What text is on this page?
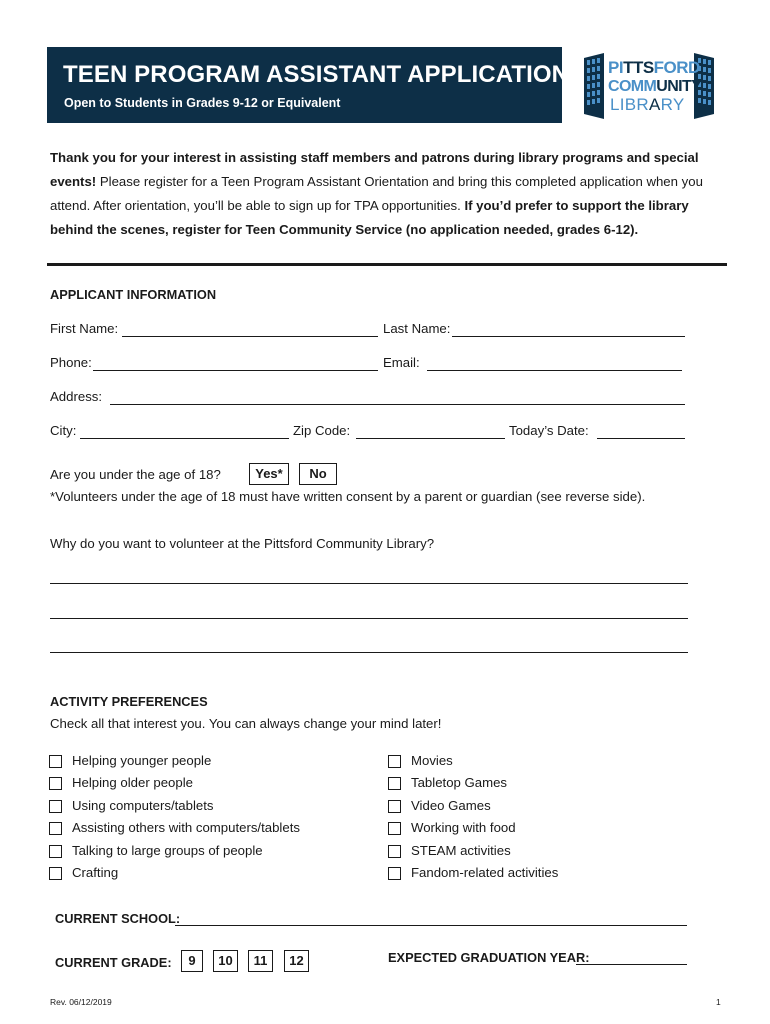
TEEN PROGRAM ASSISTANT APPLICATION
Open to Students in Grades 9-12 or Equivalent
PITTSFORD
COMMUNITY
LIBRARY
Thank you for your interest in assisting staff members and patrons during library programs and special events! Please register for a Teen Program Assistant Orientation and bring this completed application when you attend. After orientation, you’ll be able to sign up for TPA opportunities. If you’d prefer to support the library behind the scenes, register for Teen Community Service (no application needed, grades 6-12).
APPLICANT INFORMATION
First Name:	Last Name:
Phone:	Email:
Address:
City:	Zip Code:	Today’s Date:
Are you under the age of 18?	Yes*	No
*Volunteers under the age of 18 must have written consent by a parent or guardian (see reverse side).
Why do you want to volunteer at the Pittsford Community Library?
ACTIVITY PREFERENCES
Check all that interest you. You can always change your mind later!
Helping younger people
Helping older people
Using computers/tablets
Assisting others with computers/tablets
Talking to large groups of people
Crafting
Movies
Tabletop Games
Video Games
Working with food
STEAM activities
Fandom-related activities
CURRENT SCHOOL:
CURRENT GRADE:	9	10	11	12	EXPECTED GRADUATION YEAR:
Rev. 06/12/2019	1
